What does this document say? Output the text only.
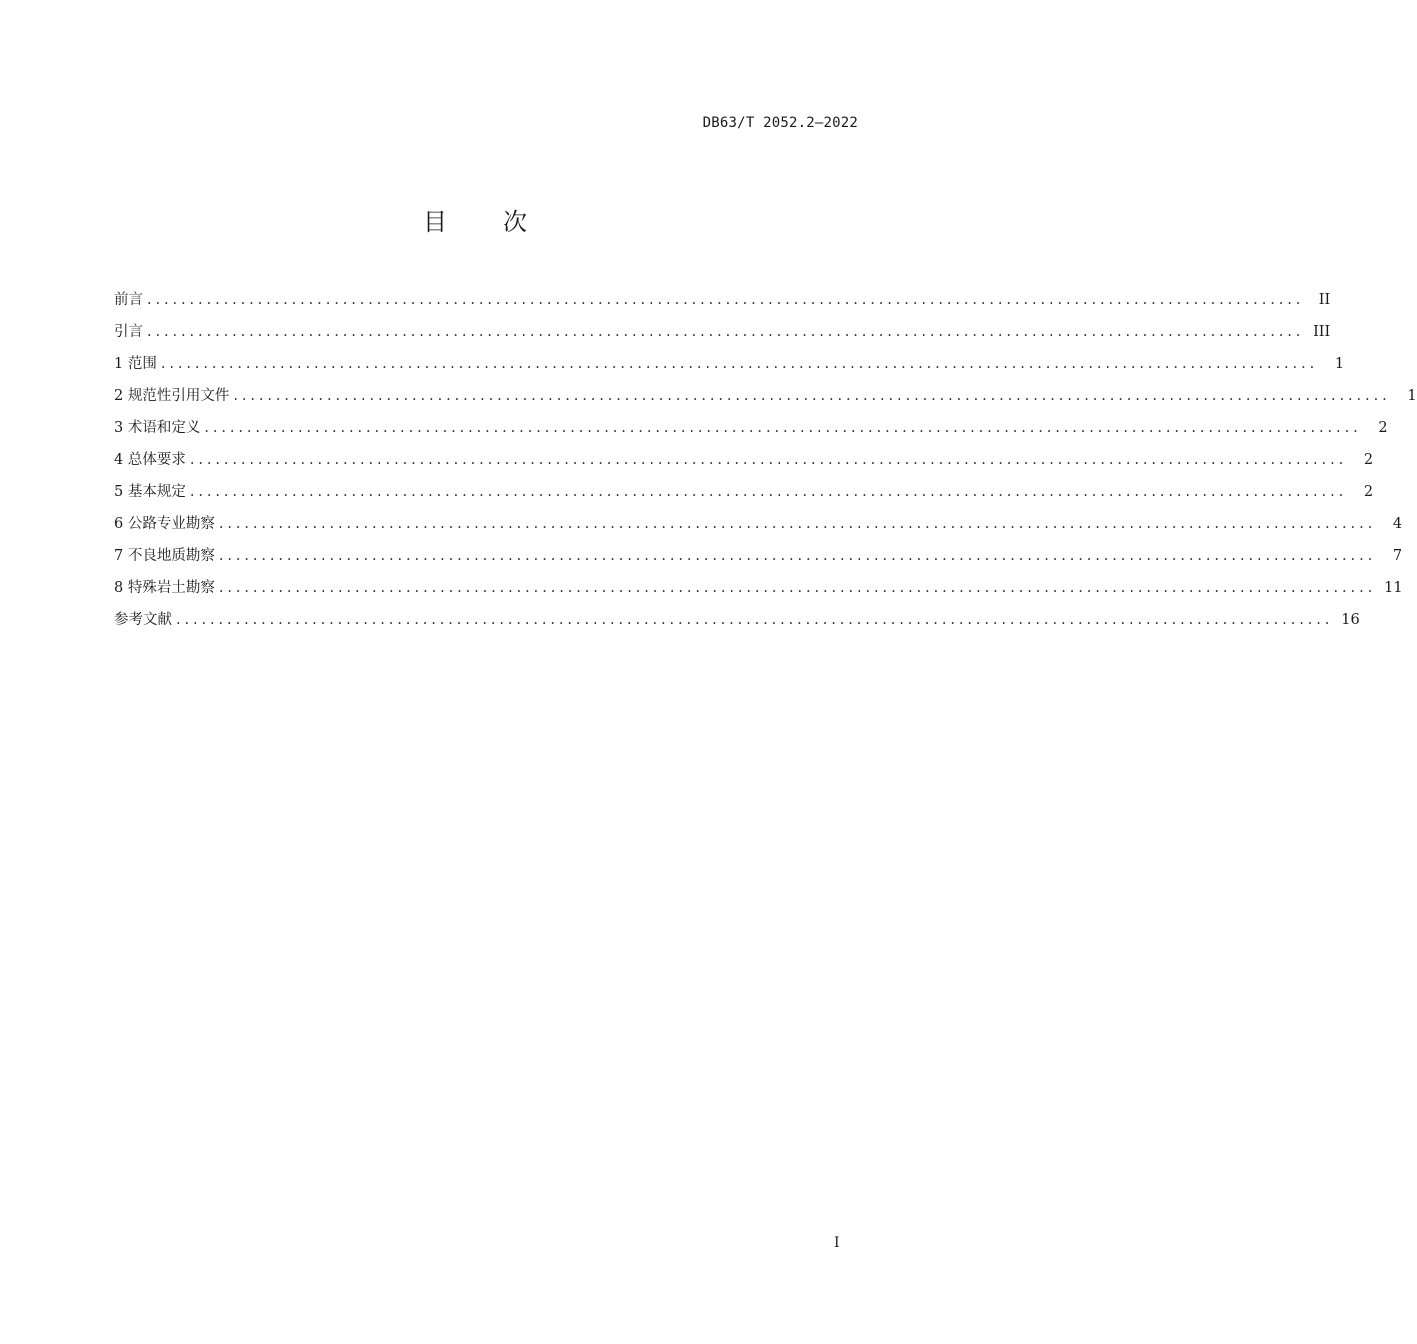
DB63/T 2052.2—2022
目 次
前言 ........................................................................................................................................	II
引言 ........................................................................................................................................ III
1 范围 ........................................................................................................................................	1
2 规范性引用文件 ........................................................................................................................................	1
3 术语和定义 ........................................................................................................................................	2
4 总体要求 ........................................................................................................................................	2
5 基本规定 ........................................................................................................................................	2
6 公路专业勘察 ........................................................................................................................................	4
7 不良地质勘察 ........................................................................................................................................	7
8 特殊岩土勘察 ........................................................................................................................................ 11
参考文献 ........................................................................................................................................ 16
I
